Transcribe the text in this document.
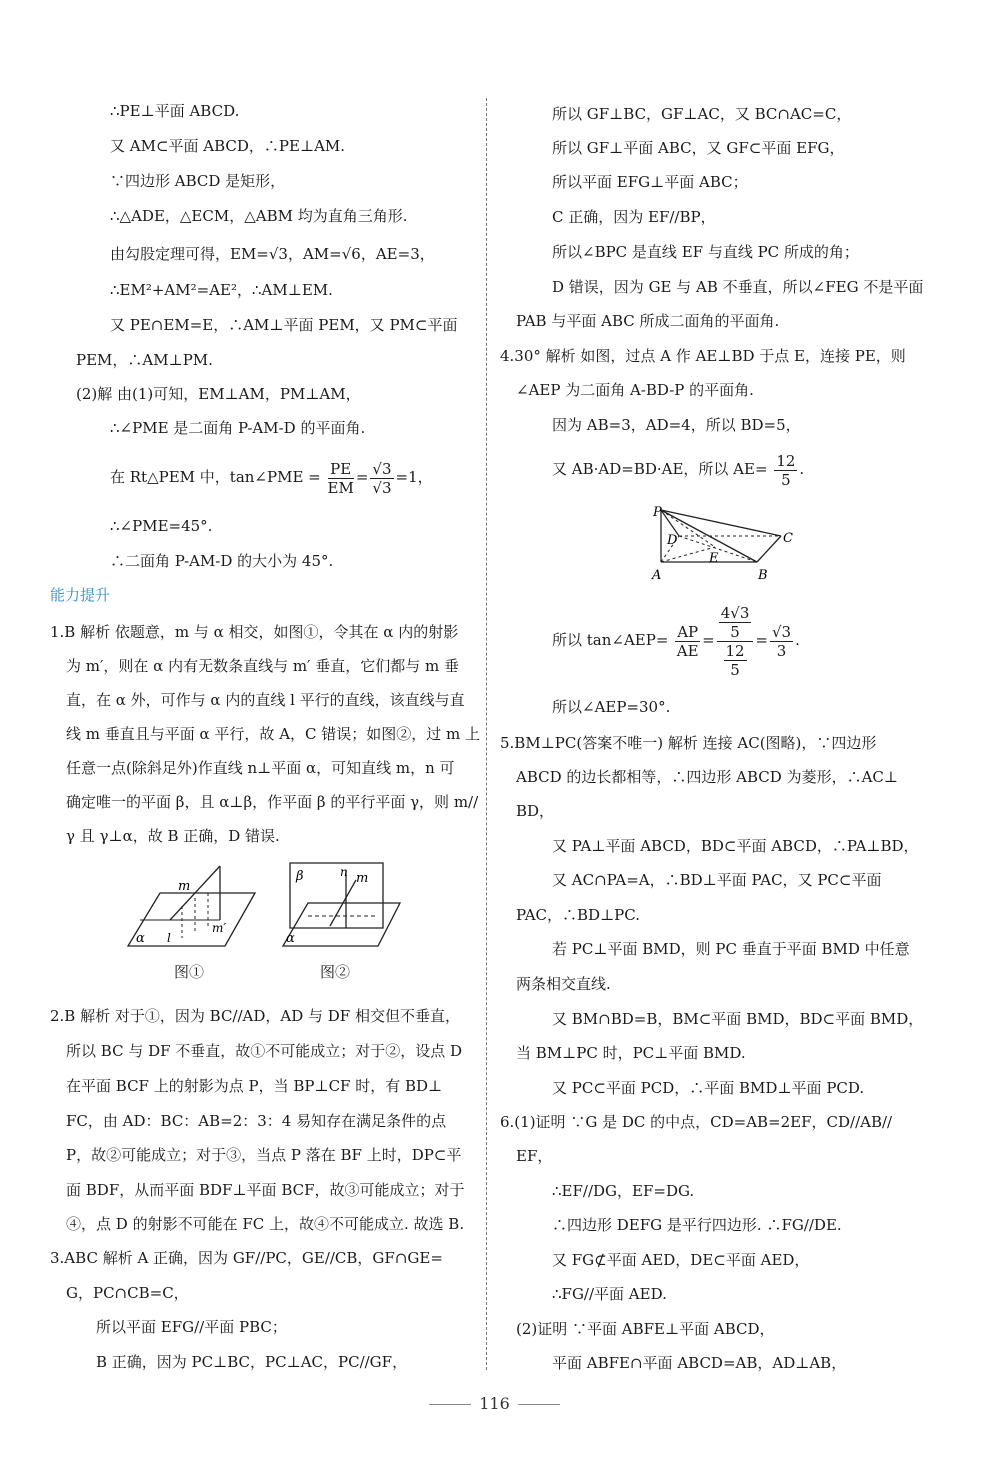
∴PE⊥平面 ABCD.
又 AM⊂平面 ABCD，∴PE⊥AM.
∵四边形 ABCD 是矩形，
∴△ADE，△ECM，△ABM 均为直角三角形.
由勾股定理可得，EM=√3，AM=√6，AE=3，
∴EM²+AM²=AE²，∴AM⊥EM.
又 PE∩EM=E，∴AM⊥平面 PEM，又 PM⊂平面
PEM，∴AM⊥PM.
(2)解 由(1)可知，EM⊥AM，PM⊥AM，
∴∠PME 是二面角 P-AM-D 的平面角.
在 Rt△PEM 中，tan∠PME = $\frac{PE}{EM} = \frac{√3}{√3} =1$，
∴∠PME=45°.
∴二面角 P-AM-D 的大小为 45°.
能力提升
1.B 解析 依题意，m 与 α 相交，如图①，令其在 α 内的射影
为 m′，则在 α 内有无数条直线与 m′ 垂直，它们都与 m 垂
直，在 α 外，可作与 α 内的直线 l 平行的直线，该直线与直
线 m 垂直且与平面 α 平行，故 A，C 错误；如图②，过 m 上
任意一点(除斜足外)作直线 n⊥平面 α，可知直线 m，n 可
确定唯一的平面 β，且 α⊥β，作平面 β 的平行平面 γ，则 m//
γ 且 γ⊥α，故 B 正确，D 错误.
m
l
m′
α
图①
β	n m
α
图②
2.B 解析 对于①，因为 BC//AD，AD 与 DF 相交但不垂直，
所以 BC 与 DF 不垂直，故①不可能成立；对于②，设点 D
在平面 BCF 上的射影为点 P，当 BP⊥CF 时，有 BD⊥
FC，由 AD：BC：AB=2：3：4 易知存在满足条件的点
P，故②可能成立；对于③，当点 P 落在 BF 上时，DP⊂平
面 BDF，从而平面 BDF⊥平面 BCF，故③可能成立；对于
④，点 D 的射影不可能在 FC 上，故④不可能成立. 故选 B.
3.ABC 解析 A 正确，因为 GF//PC，GE//CB，GF∩GE=
G，PC∩CB=C，
所以平面 EFG//平面 PBC；
B 正确，因为 PC⊥BC，PC⊥AC，PC//GF，
所以 GF⊥BC，GF⊥AC，又 BC∩AC=C，
所以 GF⊥平面 ABC，又 GF⊂平面 EFG，
所以平面 EFG⊥平面 ABC；
C 正确，因为 EF//BP，
所以∠BPC 是直线 EF 与直线 PC 所成的角；
D 错误，因为 GE 与 AB 不垂直，所以∠FEG 不是平面
PAB 与平面 ABC 所成二面角的平面角.
4.30° 解析 如图，过点 A 作 AE⊥BD 于点 E，连接 PE，则
∠AEP 为二面角 A-BD-P 的平面角.
因为 AB=3，AD=4，所以 BD=5，
又 AB·AD=BD·AE，所以 $AE= \frac{12}{5}$ .
P
D
E
A	B
C
所以 tan∠AEP= $\frac{AP}{AE} = \frac{\frac{4√3}{5}}{\frac{12}{5}} = \frac{√3}{3}$ .
所以∠AEP=30°.
5.BM⊥PC(答案不唯一) 解析 连接 AC(图略)，∵四边形
ABCD 的边长都相等，∴四边形 ABCD 为菱形，∴AC⊥
BD，
又 PA⊥平面 ABCD，BD⊂平面 ABCD，∴PA⊥BD，
又 AC∩PA=A，∴BD⊥平面 PAC，又 PC⊂平面
PAC，∴BD⊥PC.
若 PC⊥平面 BMD，则 PC 垂直于平面 BMD 中任意
两条相交直线.
又 BM∩BD=B，BM⊂平面 BMD，BD⊂平面 BMD，
当 BM⊥PC 时，PC⊥平面 BMD.
又 PC⊂平面 PCD，∴平面 BMD⊥平面 PCD.
6.(1)证明 ∵G 是 DC 的中点，CD=AB=2EF，CD//AB//
EF，
∴EF//DG，EF=DG.
∴四边形 DEFG 是平行四边形. ∴FG//DE.
又 FG⊄平面 AED，DE⊂平面 AED，
∴FG//平面 AED.
(2)证明 ∵平面 ABFE⊥平面 ABCD，
平面 ABFE∩平面 ABCD=AB，AD⊥AB，
116
